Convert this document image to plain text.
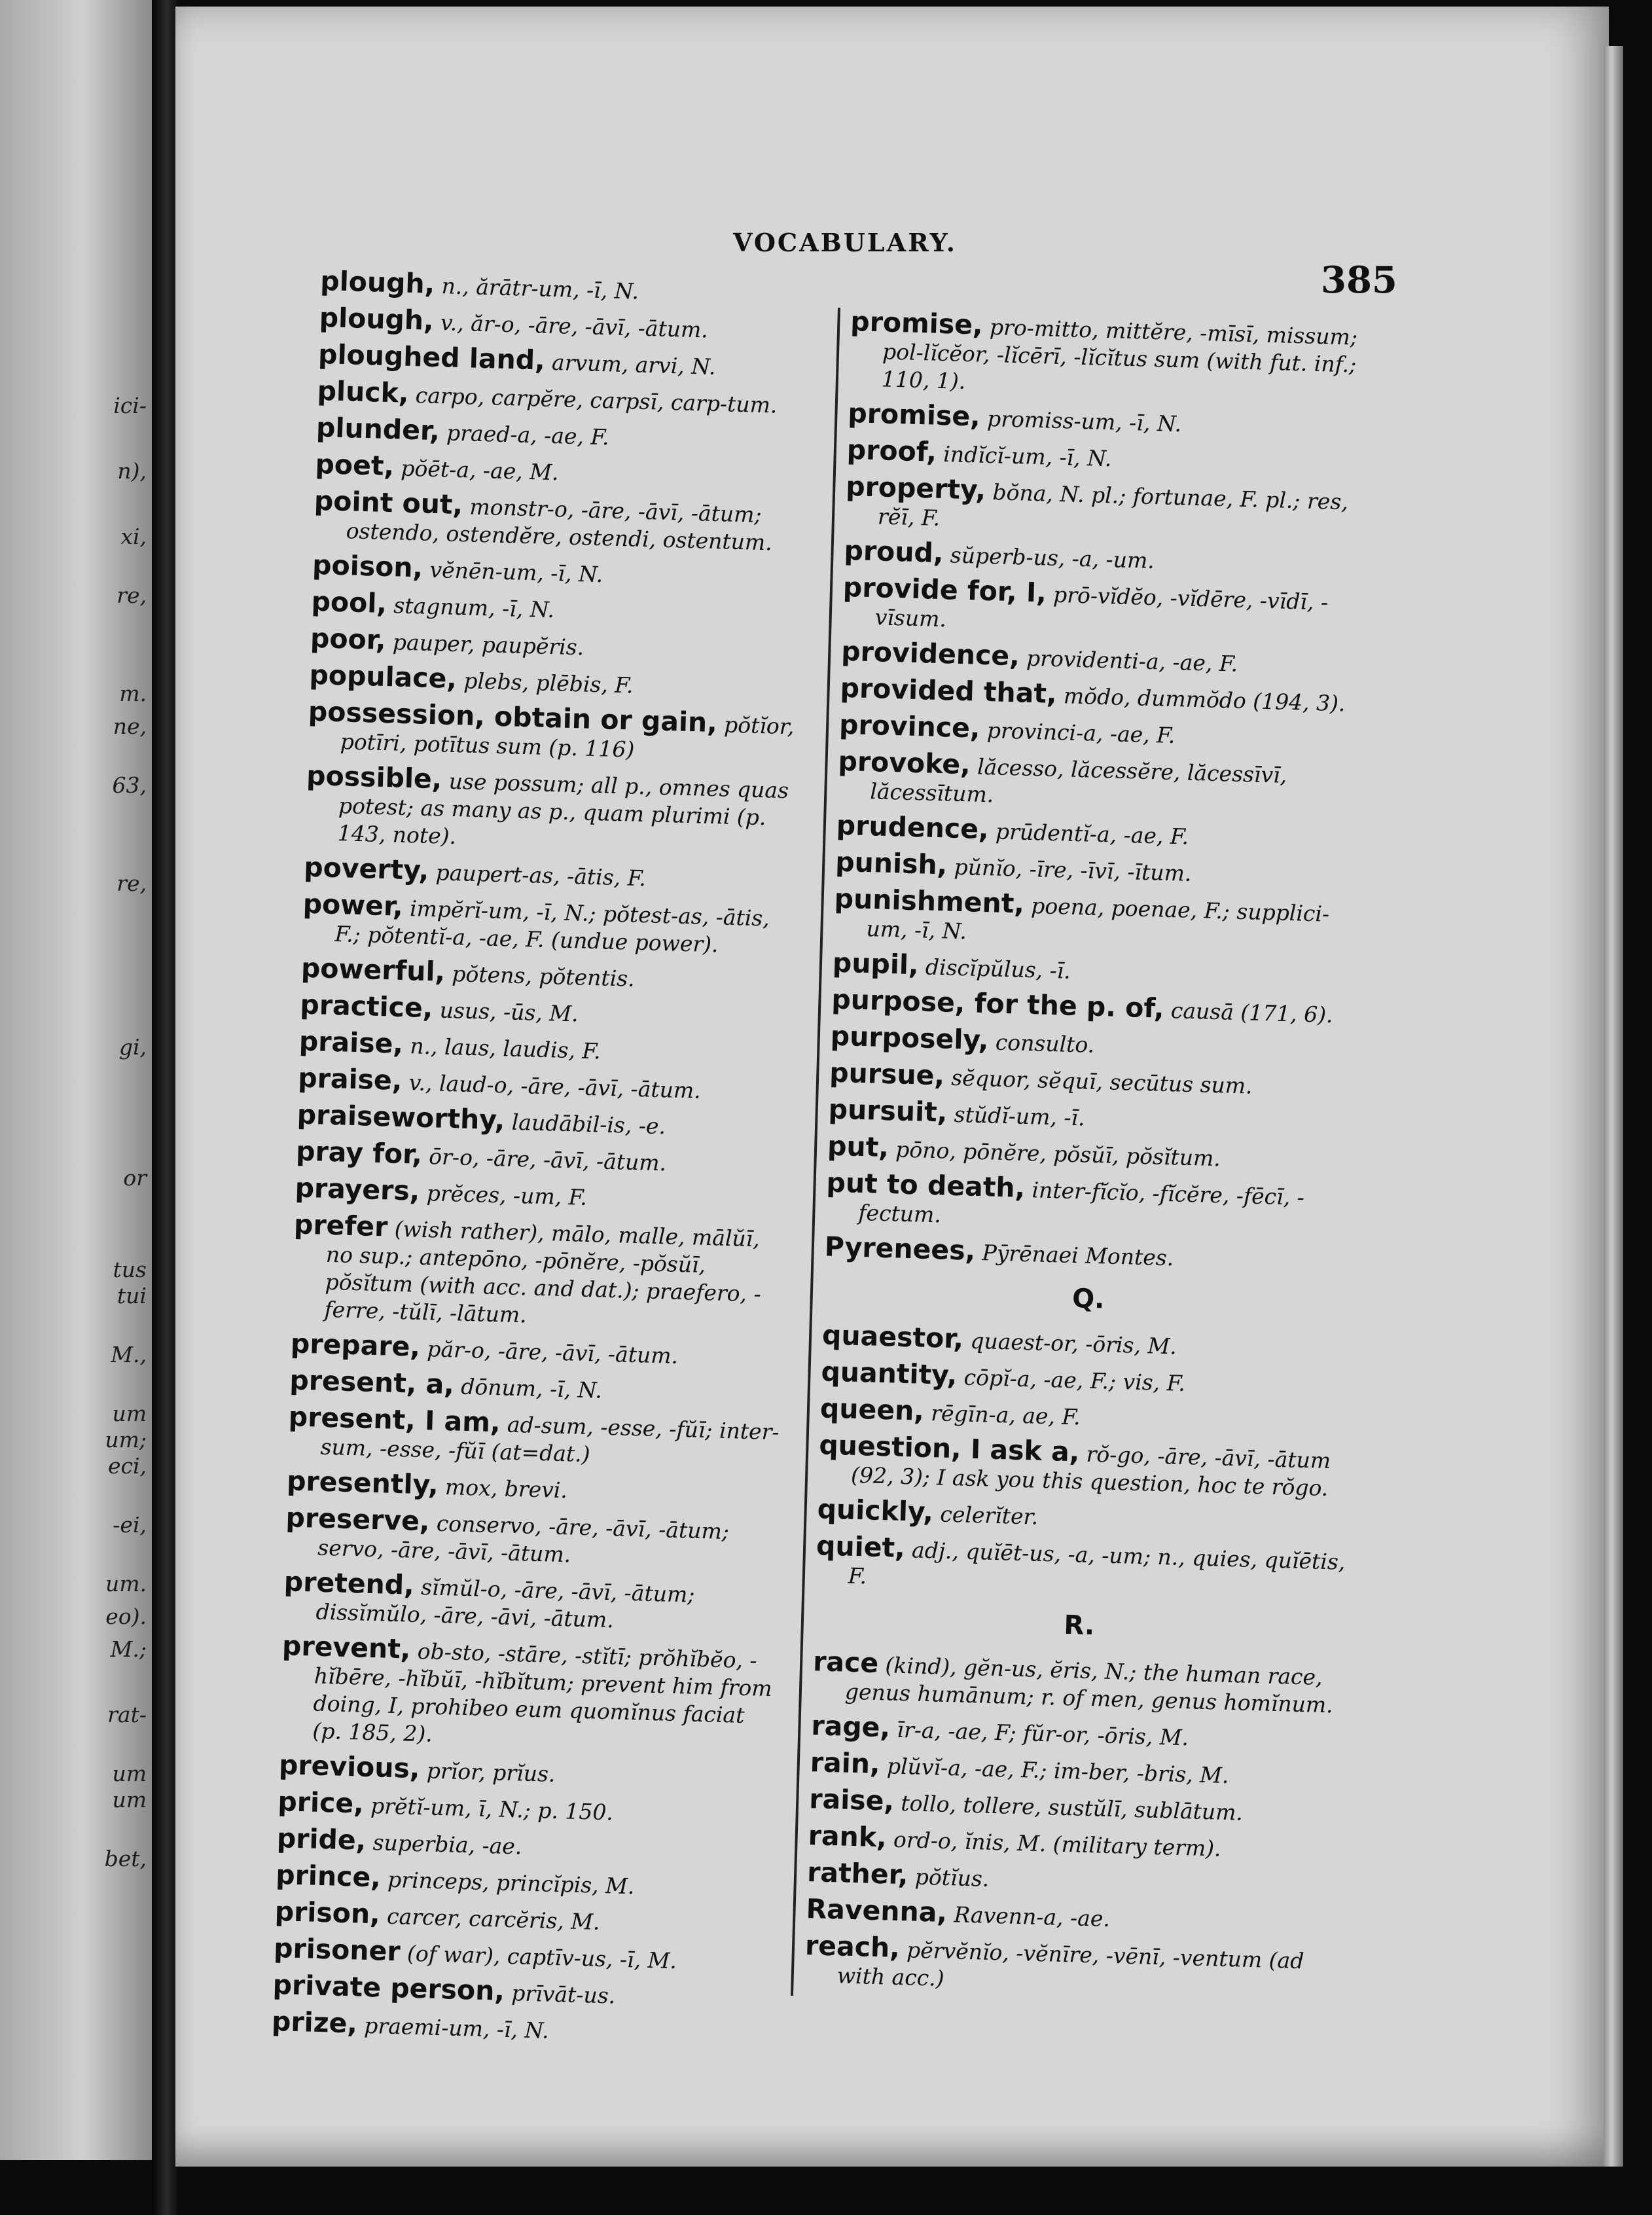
ici-
n),
xi,
re,
m.
ne,
63,
re,
gi,
or
tus
tui
M.,
um
um;
eci,
-ei,
um.
eo).
M.;
rat-
um
um
bet,
VOCABULARY.
385
plough, n., ărātr-um, -ī, N.
plough, v., ăr-o, -āre, -āvī, -ātum.
ploughed land, arvum, arvi, N.
pluck, carpo, carpĕre, carpsī, carp-tum.
plunder, praed-a, -ae, F.
poet, pŏēt-a, -ae, M.
point out, monstr-o, -āre, -āvī, -ātum; ostendo, ostendĕre, ostendi, ostentum.
poison, vĕnēn-um, -ī, N.
pool, stagnum, -ī, N.
poor, pauper, paupĕris.
populace, plebs, plēbis, F.
possession, obtain or gain, pŏtĭor, potīri, potītus sum (p. 116)
possible, use possum; all p., omnes quas potest; as many as p., quam plurimi (p. 143, note).
poverty, paupert-as, -ātis, F.
power, impĕrĭ-um, -ī, N.; pŏtest-as, -ātis, F.; pŏtentĭ-a, -ae, F. (undue power).
powerful, pŏtens, pŏtentis.
practice, usus, -ūs, M.
praise, n., laus, laudis, F.
praise, v., laud-o, -āre, -āvī, -ātum.
praiseworthy, laudābil-is, -e.
pray for, ōr-o, -āre, -āvī, -ātum.
prayers, prĕces, -um, F.
prefer (wish rather), mālo, malle, mālŭī, no sup.; antepōno, -pōnĕre, -pŏsŭī, pŏsĭtum (with acc. and dat.); praefero, -ferre, -tŭlī, -lātum.
prepare, păr-o, -āre, -āvī, -ātum.
present, a, dōnum, -ī, N.
present, I am, ad-sum, -esse, -fŭī; inter-sum, -esse, -fŭī (at=dat.)
presently, mox, brevi.
preserve, conservo, -āre, -āvī, -ātum; servo, -āre, -āvī, -ātum.
pretend, sĭmŭl-o, -āre, -āvī, -ātum; dissĭmŭlo, -āre, -āvi, -ātum.
prevent, ob-sto, -stāre, -stĭtī; prŏhĭbĕo, -hĭbēre, -hĭbŭī, -hĭbĭtum; prevent him from doing, I, prohibeo eum quomĭnus faciat (p. 185, 2).
previous, prĭor, prĭus.
price, prĕtĭ-um, ī, N.; p. 150.
pride, superbia, -ae.
prince, princeps, princĭpis, M.
prison, carcer, carcĕris, M.
prisoner (of war), captīv-us, -ī, M.
private person, prīvāt-us.
prize, praemi-um, -ī, N.
promise, pro-mitto, mittĕre, -mīsī, missum; pol-lĭcĕor, -lĭcērī, -lĭcĭtus sum (with fut. inf.; 110, 1).
promise, promiss-um, -ī, N.
proof, indĭcĭ-um, -ī, N.
property, bŏna, N. pl.; fortunae, F. pl.; res, rĕī, F.
proud, sŭperb-us, -a, -um.
provide for, I, prō-vĭdĕo, -vĭdēre, -vīdī, -vīsum.
providence, providenti-a, -ae, F.
provided that, mŏdo, dummŏdo (194, 3).
province, provinci-a, -ae, F.
provoke, lăcesso, lăcessĕre, lăcessīvī, lăcessītum.
prudence, prūdentĭ-a, -ae, F.
punish, pŭnĭo, -īre, -īvī, -ītum.
punishment, poena, poenae, F.; supplici-um, -ī, N.
pupil, discĭpŭlus, -ī.
purpose, for the p. of, causā (171, 6).
purposely, consulto.
pursue, sĕquor, sĕquī, secūtus sum.
pursuit, stŭdĭ-um, -ī.
put, pōno, pōnĕre, pŏsŭī, pŏsĭtum.
put to death, inter-fĭcĭo, -fĭcĕre, -fēcī, -fectum.
Pyrenees, Pȳrēnaei Montes.
Q.
quaestor, quaest-or, -ōris, M.
quantity, cōpĭ-a, -ae, F.; vis, F.
queen, rēgīn-a, ae, F.
question, I ask a, rŏ-go, -āre, -āvī, -ātum (92, 3); I ask you this question, hoc te rŏgo.
quickly, celerĭter.
quiet, adj., quĭēt-us, -a, -um; n., quies, quĭētis, F.
R.
race (kind), gĕn-us, ĕris, N.; the human race, genus humānum; r. of men, genus homĭnum.
rage, īr-a, -ae, F; fŭr-or, -ōris, M.
rain, plŭvĭ-a, -ae, F.; im-ber, -bris, M.
raise, tollo, tollere, sustŭlī, sublātum.
rank, ord-o, ĭnis, M. (military term).
rather, pŏtĭus.
Ravenna, Ravenn-a, -ae.
reach, pĕrvĕnĭo, -vĕnīre, -vēnī, -ventum (ad with acc.)
